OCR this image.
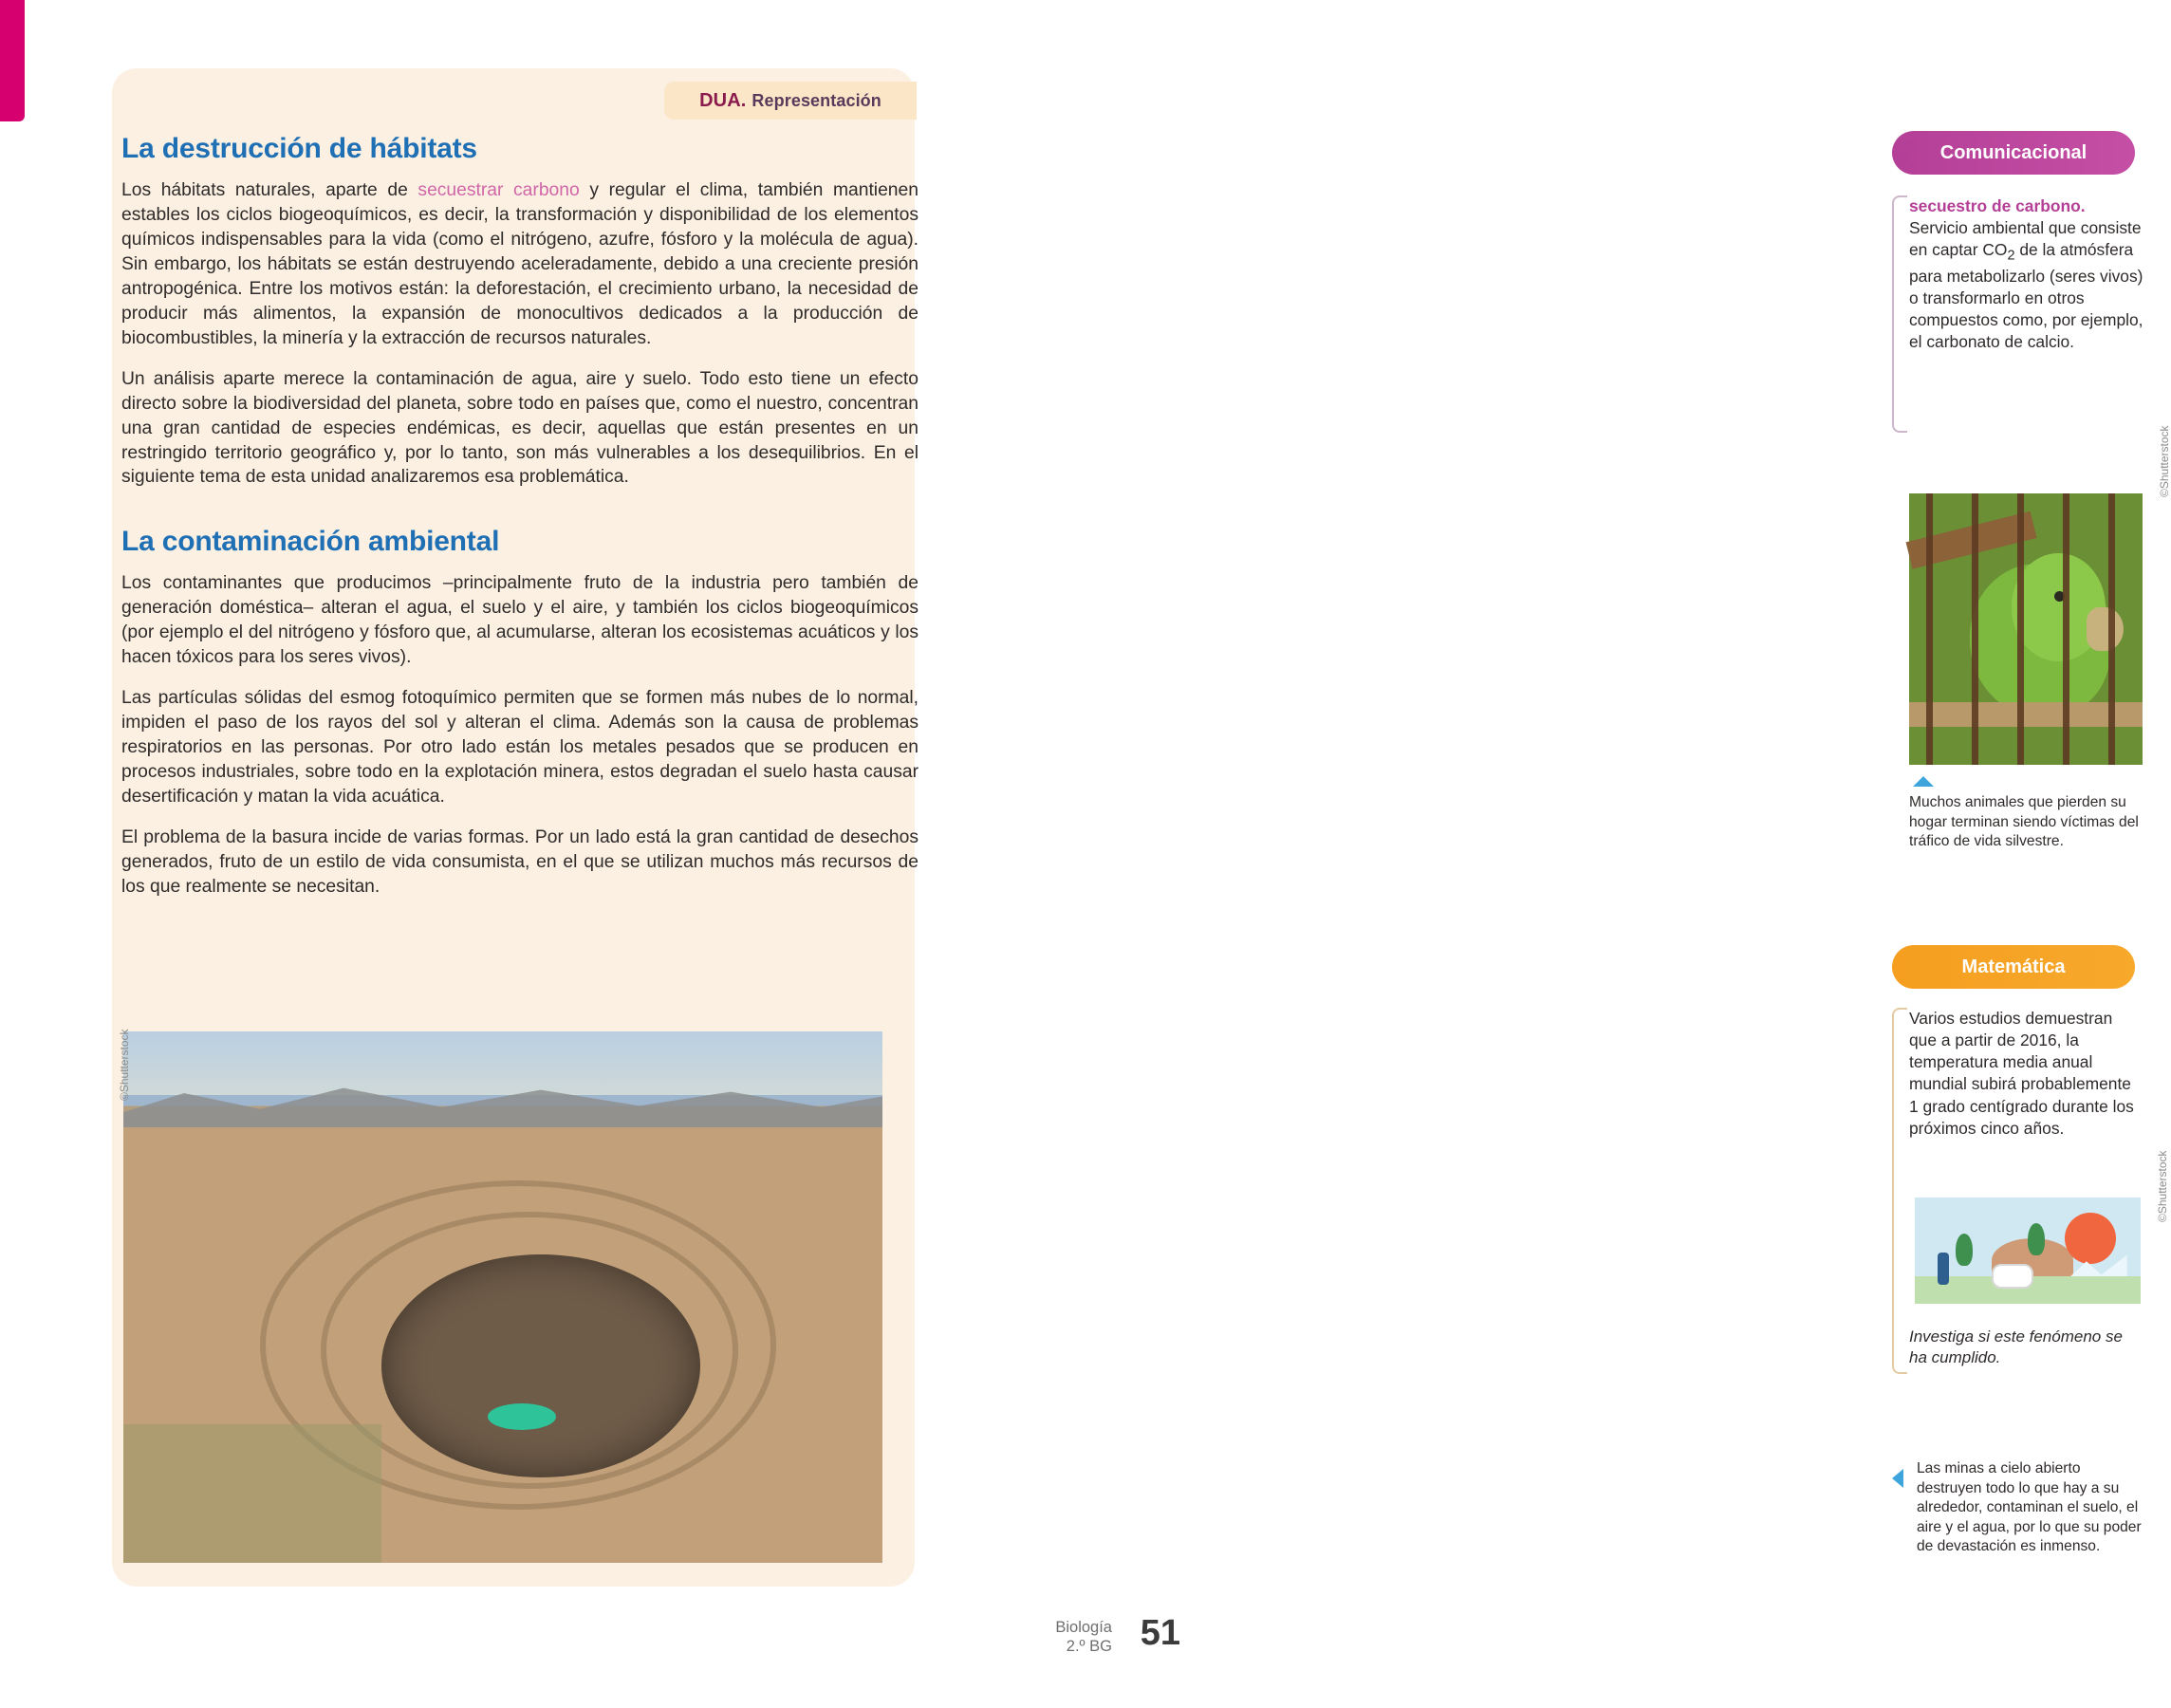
DUA. Representación
La destrucción de hábitats

Los hábitats naturales, aparte de secuestrar carbono y regular el clima, también mantienen estables los ciclos biogeoquímicos, es decir, la transformación y disponibilidad de los elementos químicos indispensables para la vida (como el nitrógeno, azufre, fósforo y la molécula de agua). Sin embargo, los hábitats se están destruyendo aceleradamente, debido a una creciente presión antropogénica. Entre los motivos están: la deforestación, el crecimiento urbano, la necesidad de producir más alimentos, la expansión de monocultivos dedicados a la producción de biocombustibles, la minería y la extracción de recursos naturales.

Un análisis aparte merece la contaminación de agua, aire y suelo. Todo esto tiene un efecto directo sobre la biodiversidad del planeta, sobre todo en países que, como el nuestro, concentran una gran cantidad de especies endémicas, es decir, aquellas que están presentes en un restringido territorio geográfico y, por lo tanto, son más vulnerables a los desequilibrios. En el siguiente tema de esta unidad analizaremos esa problemática.

La contaminación ambiental

Los contaminantes que producimos –principalmente fruto de la industria pero también de generación doméstica– alteran el agua, el suelo y el aire, y también los ciclos biogeoquímicos (por ejemplo el del nitrógeno y fósforo que, al acumularse, alteran los ecosistemas acuáticos y los hacen tóxicos para los seres vivos).

Las partículas sólidas del esmog fotoquímico permiten que se formen más nubes de lo normal, impiden el paso de los rayos del sol y alteran el clima. Además son la causa de problemas respiratorios en las personas. Por otro lado están los metales pesados que se producen en procesos industriales, sobre todo en la explotación minera, estos degradan el suelo hasta causar desertificación y matan la vida acuática.

El problema de la basura incide de varias formas. Por un lado está la gran cantidad de desechos generados, fruto de un estilo de vida consumista, en el que se utilizan muchos más recursos de los que realmente se necesitan.

©Shutterstock
Comunicacional
secuestro de carbono. Servicio ambiental que consiste en captar $CO_2$ de la atmósfera para metabolizarlo (seres vivos) o transformarlo en otros compuestos como, por ejemplo, el carbonato de calcio.
©Shutterstock
Muchos animales que pierden su hogar terminan siendo víctimas del tráfico de vida silvestre.
Matemática
Varios estudios demuestran que a partir de 2016, la temperatura media anual mundial subirá probablemente 1 grado centígrado durante los próximos cinco años.
©Shutterstock
Investiga si este fenómeno se ha cumplido.
Las minas a cielo abierto destruyen todo lo que hay a su alrededor, contaminan el suelo, el aire y el agua, por lo que su poder de devastación es inmenso.
Biología
2.º BG 51
